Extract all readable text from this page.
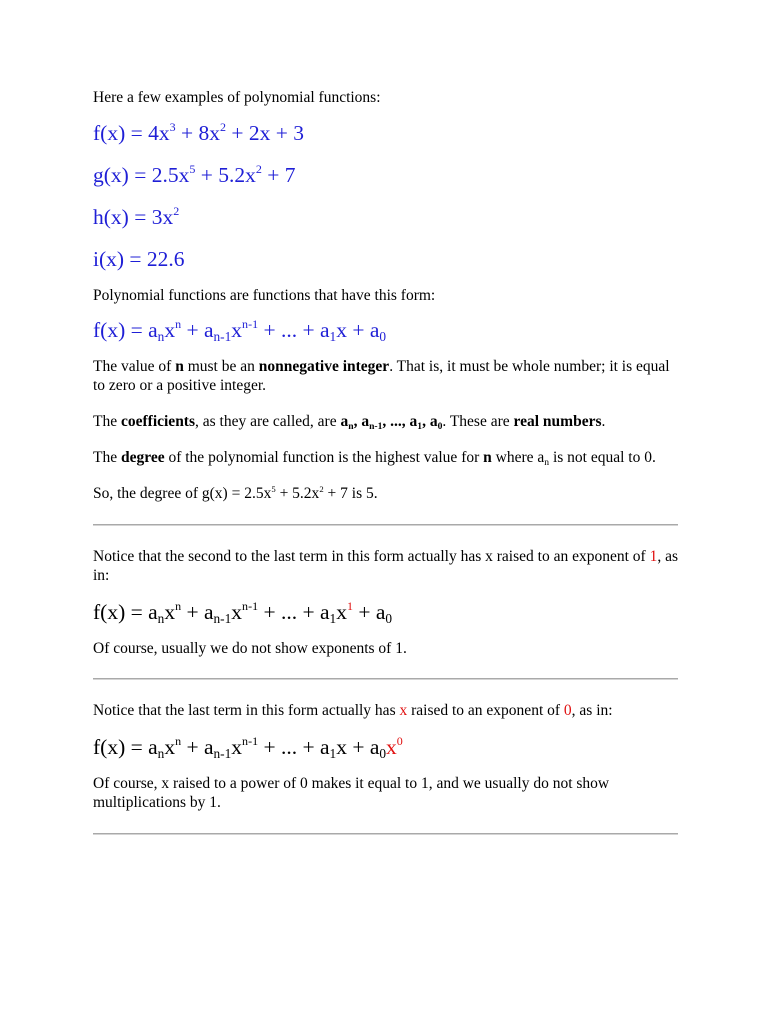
Here a few examples of polynomial functions:

$f(x) = 4x^3 + 8x^2 + 2x + 3$
$g(x) = 2.5x^5 + 5.2x^2 + 7$
$h(x) = 3x^2$
i(x) = 22.6

Polynomial functions are functions that have this form:

$f(x) = a_nx^n + a_{n-1}x^{n-1}$ + ... + $a_1x + a_0$

The value of n must be an nonnegative integer. That is, it must be whole number; it is equal to zero or a positive integer.

The coefficients, as they are called, are $a_n$, $a_{n-1}$, ..., $a_1$, $a_0$. These are real numbers.

The degree of the polynomial function is the highest value for n where $a_n$ is not equal to 0.

So, the degree of $g(x) = 2.5x^5 + 5.2x^2 + 7$ is 5.

Notice that the second to the last term in this form actually has x raised to an exponent of 1, as in:

$f(x) = a_nx^n + a_{n-1}x^{n-1}$ + ... + $a_1x^1 + a_0$

Of course, usually we do not show exponents of 1.

Notice that the last term in this form actually has x raised to an exponent of 0, as in:

$f(x) = a_nx^n + a_{n-1}x^{n-1}$ + ... + $a_1x + a_0x^0$

Of course, x raised to a power of 0 makes it equal to 1, and we usually do not show multiplications by 1.
